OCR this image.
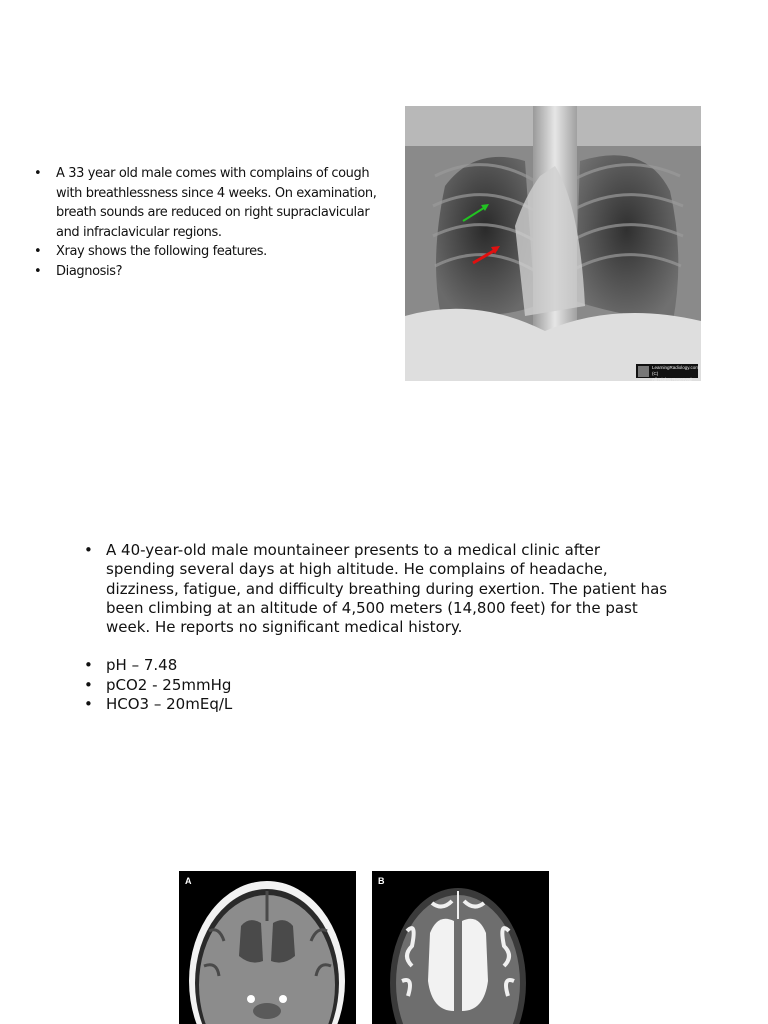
• A 33 year old male comes with complains of cough with breathlessness since 4 weeks. On examination, breath sounds are reduced on right supraclavicular and infraclavicular regions.
• Xray shows the following features.
• Diagnosis?
LearningRadiology.com (C)
All Rights Reserved
• A 40-year-old male mountaineer presents to a medical clinic after spending several days at high altitude. He complains of headache, dizziness, fatigue, and difficulty breathing during exertion. The patient has been climbing at an altitude of 4,500 meters (14,800 feet) for the past week. He reports no significant medical history.
• pH – 7.48
• pCO2 - 25mmHg
• HCO3 – 20mEq/L
A	B
